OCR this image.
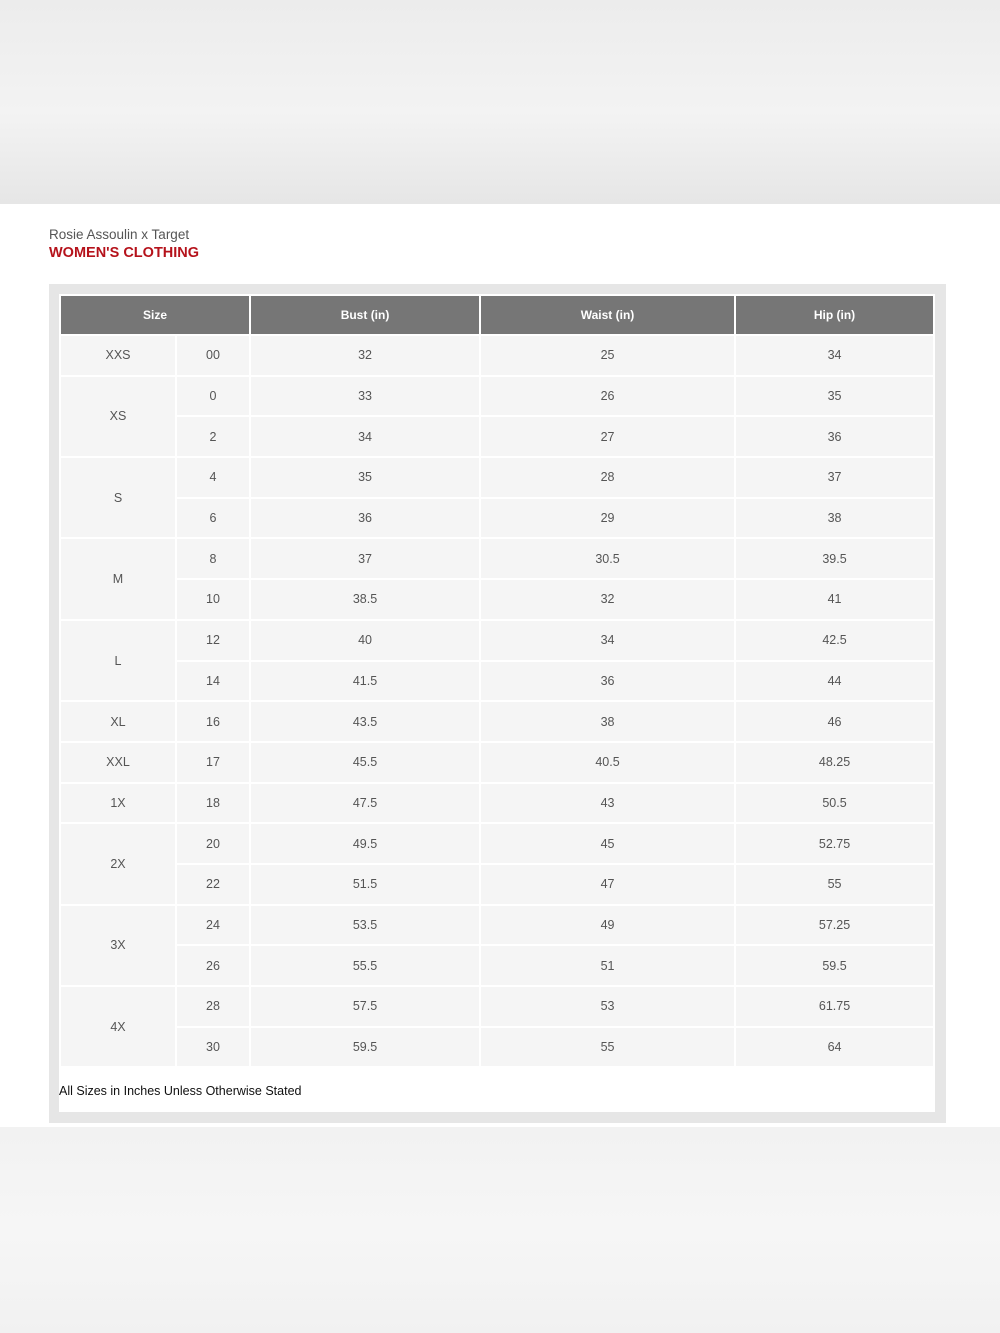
Rosie Assoulin x Target
WOMEN'S CLOTHING
Size		Bust (in)	Waist (in)	Hip (in)
XXS	00	32	25	34
XS	0	33	26	35
	2	34	27	36
S	4	35	28	37
	6	36	29	38
M	8	37	30.5	39.5
	10	38.5	32	41
L	12	40	34	42.5
	14	41.5	36	44
XL	16	43.5	38	46
XXL	17	45.5	40.5	48.25
1X	18	47.5	43	50.5
2X	20	49.5	45	52.75
	22	51.5	47	55
3X	24	53.5	49	57.25
	26	55.5	51	59.5
4X	28	57.5	53	61.75
	30	59.5	55	64
All Sizes in Inches Unless Otherwise Stated
